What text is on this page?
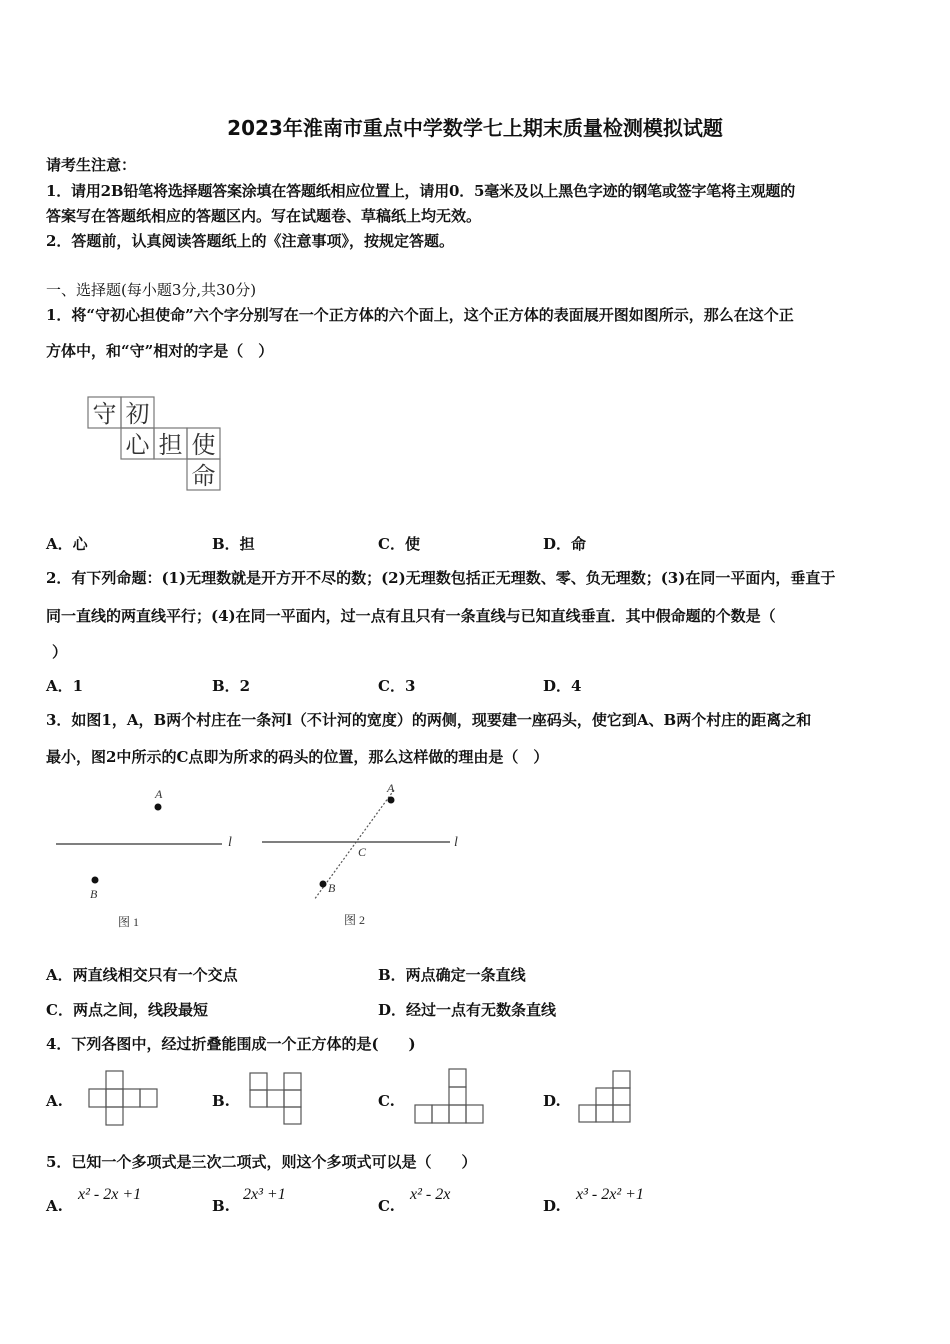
2023年淮南市重点中学数学七上期末质量检测模拟试题
请考生注意：
1．请用2B铅笔将选择题答案涂填在答题纸相应位置上，请用0．5毫米及以上黑色字迹的钢笔或签字笔将主观题的
答案写在答题纸相应的答题区内。写在试题卷、草稿纸上均无效。
2．答题前，认真阅读答题纸上的《注意事项》，按规定答题。
一、选择题(每小题3分,共30分)
1．将“守初心担使命”六个字分别写在一个正方体的六个面上，这个正方体的表面展开图如图所示，那么在这个正
方体中，和“守”相对的字是（　）
守 初
心 担 使
命
A．心	B．担	C．使	D．命
2．有下列命题：(1)无理数就是开方开不尽的数；(2)无理数包括正无理数、零、负无理数；(3)在同一平面内，垂直于
同一直线的两直线平行；(4)在同一平面内，过一点有且只有一条直线与已知直线垂直．其中假命题的个数是（
）
A．1	B．2	C．3	D．4
3．如图1，A，B两个村庄在一条河l（不计河的宽度）的两侧，现要建一座码头，使它到A、B两个村庄的距离之和
最小，图2中所示的C点即为所求的码头的位置，那么这样做的理由是（　）
A
B
l
图 1
A
B
C
l
图 2
A．两直线相交只有一个交点	B．两点确定一条直线
C．两点之间，线段最短	D．经过一点有无数条直线
4．下列各图中，经过折叠能围成一个正方体的是(　　)
A.	B.	C.	D.
5．已知一个多项式是三次二项式，则这个多项式可以是（　　）
A.
x² - 2x +1
B.
2x³ +1
C.
x² - 2x
D.
x³ - 2x² +1
